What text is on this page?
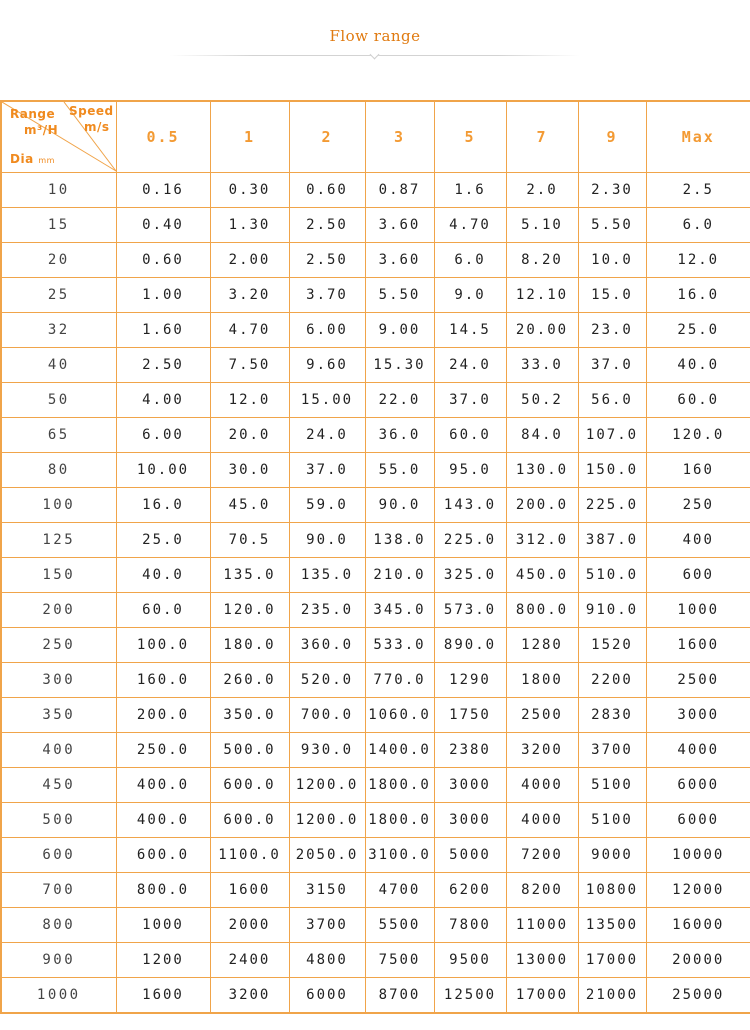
Flow range
Range
m³/H
Speed
m/s
Dia mm	0.5	1	2	3	5	7	9	Max
10	0.16	0.30	0.60	0.87	1.6	2.0	2.30	2.5
15	0.40	1.30	2.50	3.60	4.70	5.10	5.50	6.0
20	0.60	2.00	2.50	3.60	6.0	8.20	10.0	12.0
25	1.00	3.20	3.70	5.50	9.0	12.10	15.0	16.0
32	1.60	4.70	6.00	9.00	14.5	20.00	23.0	25.0
40	2.50	7.50	9.60	15.30	24.0	33.0	37.0	40.0
50	4.00	12.0	15.00	22.0	37.0	50.2	56.0	60.0
65	6.00	20.0	24.0	36.0	60.0	84.0	107.0	120.0
80	10.00	30.0	37.0	55.0	95.0	130.0	150.0	160
100	16.0	45.0	59.0	90.0	143.0	200.0	225.0	250
125	25.0	70.5	90.0	138.0	225.0	312.0	387.0	400
150	40.0	135.0	135.0	210.0	325.0	450.0	510.0	600
200	60.0	120.0	235.0	345.0	573.0	800.0	910.0	1000
250	100.0	180.0	360.0	533.0	890.0	1280	1520	1600
300	160.0	260.0	520.0	770.0	1290	1800	2200	2500
350	200.0	350.0	700.0	1060.0	1750	2500	2830	3000
400	250.0	500.0	930.0	1400.0	2380	3200	3700	4000
450	400.0	600.0	1200.0	1800.0	3000	4000	5100	6000
500	400.0	600.0	1200.0	1800.0	3000	4000	5100	6000
600	600.0	1100.0	2050.0	3100.0	5000	7200	9000	10000
700	800.0	1600	3150	4700	6200	8200	10800	12000
800	1000	2000	3700	5500	7800	11000	13500	16000
900	1200	2400	4800	7500	9500	13000	17000	20000
1000	1600	3200	6000	8700	12500	17000	21000	25000
